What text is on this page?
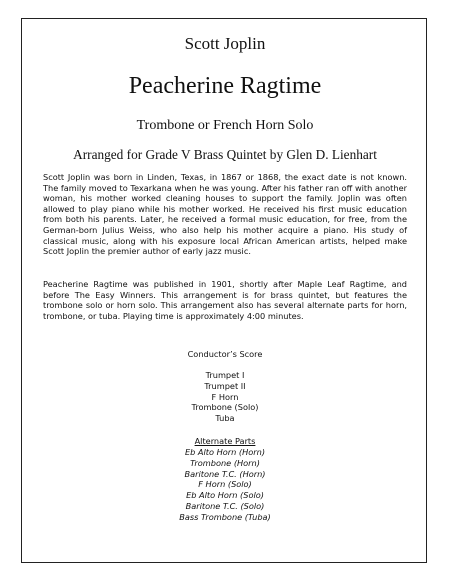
Scott Joplin
Peacherine Ragtime
Trombone or French Horn Solo
Arranged for Grade V Brass Quintet by Glen D. Lienhart

Scott Joplin was born in Linden, Texas, in 1867 or 1868, the exact date is not known. The family moved to Texarkana when he was young. After his father ran off with another woman, his mother worked cleaning houses to support the family. Joplin was often allowed to play piano while his mother worked. He received his first music education from both his parents. Later, he received a formal music education, for free, from the German-born Julius Weiss, who also help his mother acquire a piano. His study of classical music, along with his exposure local African American artists, helped make Scott Joplin the premier author of early jazz music.

Peacherine Ragtime was published in 1901, shortly after Maple Leaf Ragtime, and before The Easy Winners. This arrangement is for brass quintet, but features the trombone solo or horn solo. This arrangement also has several alternate parts for horn, trombone, or tuba. Playing time is approximately 4:00 minutes.

Conductor’s Score
Trumpet I
Trumpet II
F Horn
Trombone (Solo)
Tuba
Alternate Parts
Eb Alto Horn (Horn)
Trombone (Horn)
Baritone T.C. (Horn)
F Horn (Solo)
Eb Alto Horn (Solo)
Baritone T.C. (Solo)
Bass Trombone (Tuba)
